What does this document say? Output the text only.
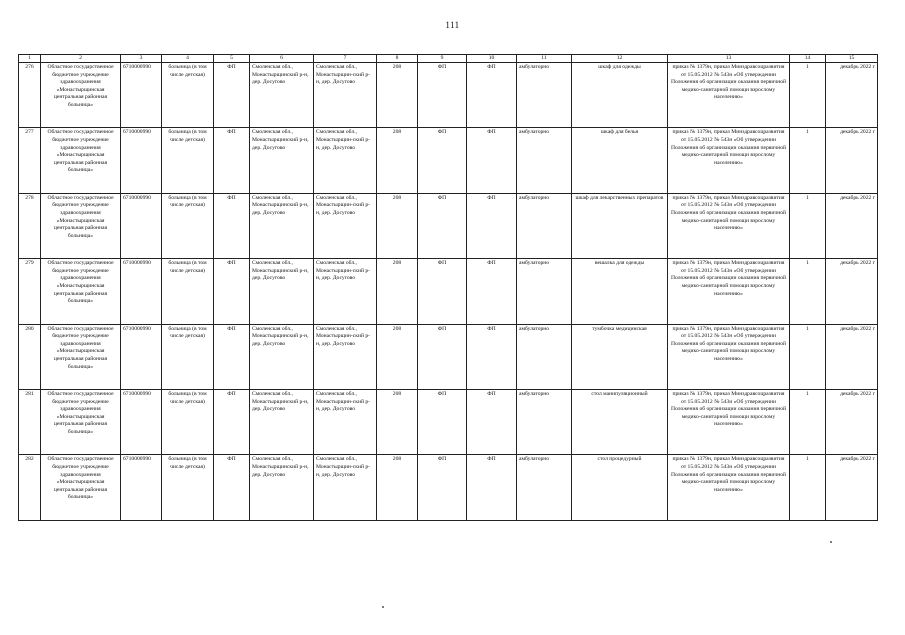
111
1	2	3	4	5	6	7	8	9	10	11	12	13	14	15
276	Областное государственное бюджетное учреждение здравоохранения «Монастырщинская центральная районная больница»	6710000990	больница (в том числе детская)	ФП	Смоленская обл., Монастырщинский р-н, дер. Досугово	Смоленская обл., Монастырщин-ский р-н, дер. Досугово	208	ФП	ФП	амбулаторно	шкаф для одежды	приказ № 1379н, приказ Минздравсоцразвития от 15.05.2012 № 543н «Об утверждении Положения об организации оказания первичной медико-санитарной помощи взрослому населению»	1	декабрь 2022 г
277	Областное государственное бюджетное учреждение здравоохранения «Монастырщинская центральная районная больница»	6710000990	больница (в том числе детская)	ФП	Смоленская обл., Монастырщинский р-н, дер. Досугово	Смоленская обл., Монастырщин-ский р-н, дер. Досугово	208	ФП	ФП	амбулаторно	шкаф для белья	приказ № 1379н, приказ Минздравсоцразвития от 15.05.2012 № 543н «Об утверждении Положения об организации оказания первичной медико-санитарной помощи взрослому населению»	1	декабрь 2022 г
278	Областное государственное бюджетное учреждение здравоохранения «Монастырщинская центральная районная больница»	6710000990	больница (в том числе детская)	ФП	Смоленская обл., Монастырщинский р-н, дер. Досугово	Смоленская обл., Монастырщин-ский р-н, дер. Досугово	208	ФП	ФП	амбулаторно	шкаф для лекарственных препаратов	приказ № 1379н, приказ Минздравсоцразвития от 15.05.2012 № 543н «Об утверждении Положения об организации оказания первичной медико-санитарной помощи взрослому населению»	1	декабрь 2022 г
279	Областное государственное бюджетное учреждение здравоохранения «Монастырщинская центральная районная больница»	6710000990	больница (в том числе детская)	ФП	Смоленская обл., Монастырщинский р-н, дер. Досугово	Смоленская обл., Монастырщин-ский р-н, дер. Досугово	208	ФП	ФП	амбулаторно	вешалка для одежды	приказ № 1379н, приказ Минздравсоцразвития от 15.05.2012 № 543н «Об утверждении Положения об организации оказания первичной медико-санитарной помощи взрослому населению»	1	декабрь 2022 г
280	Областное государственное бюджетное учреждение здравоохранения «Монастырщинская центральная районная больница»	6710000990	больница (в том числе детская)	ФП	Смоленская обл., Монастырщинский р-н, дер. Досугово	Смоленская обл., Монастырщин-ский р-н, дер. Досугово	208	ФП	ФП	амбулаторно	тумбочка медицинская	приказ № 1379н, приказ Минздравсоцразвития от 15.05.2012 № 543н «Об утверждении Положения об организации оказания первичной медико-санитарной помощи взрослому населению»	1	декабрь 2022 г
281	Областное государственное бюджетное учреждение здравоохранения «Монастырщинская центральная районная больница»	6710000990	больница (в том числе детская)	ФП	Смоленская обл., Монастырщинский р-н, дер. Досугово	Смоленская обл., Монастырщин-ский р-н, дер. Досугово	208	ФП	ФП	амбулаторно	стол манипуляционный	приказ № 1379н, приказ Минздравсоцразвития от 15.05.2012 № 543н «Об утверждении Положения об организации оказания первичной медико-санитарной помощи взрослому населению»	1	декабрь 2022 г
282	Областное государственное бюджетное учреждение здравоохранения «Монастырщинская центральная районная больница»	6710000990	больница (в том числе детская)	ФП	Смоленская обл., Монастырщинский р-н, дер. Досугово	Смоленская обл., Монастырщин-ский р-н, дер. Досугово	208	ФП	ФП	амбулаторно	стол процедурный	приказ № 1379н, приказ Минздравсоцразвития от 15.05.2012 № 543н «Об утверждении Положения об организации оказания первичной медико-санитарной помощи взрослому населению»	1	декабрь 2022 г
